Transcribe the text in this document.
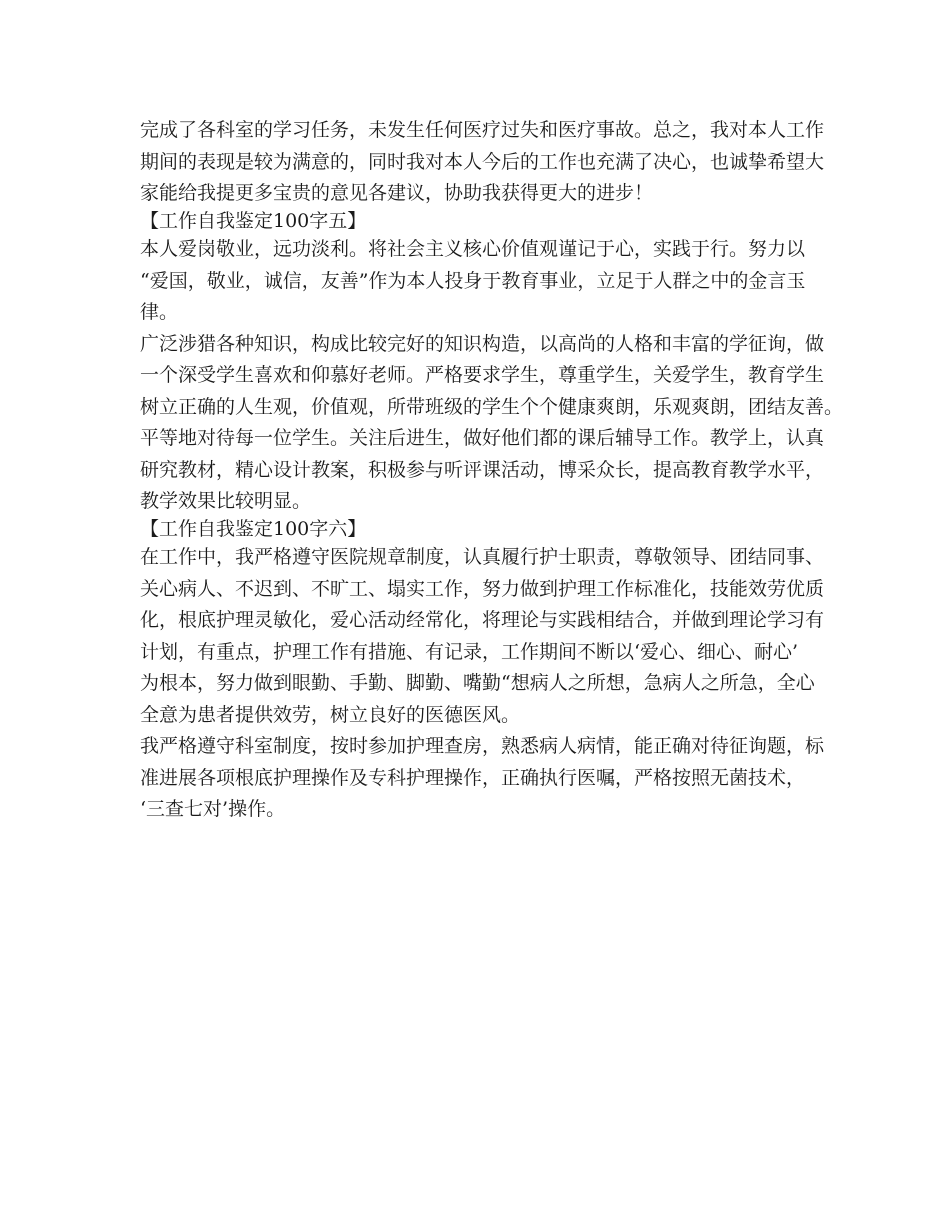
完成了各科室的学习任务，未发生任何医疗过失和医疗事故。总之，我对本人工作

期间的表现是较为满意的，同时我对本人今后的工作也充满了决心，也诚挚希望大

家能给我提更多宝贵的意见各建议，协助我获得更大的进步！

【工作自我鉴定100字五】

本人爱岗敬业，远功淡利。将社会主义核心价值观谨记于心，实践于行。努力以

“爱国，敬业，诚信，友善”作为本人投身于教育事业，立足于人群之中的金言玉

律。

广泛涉猎各种知识，构成比较完好的知识构造，以高尚的人格和丰富的学征询，做

一个深受学生喜欢和仰慕好老师。严格要求学生，尊重学生，关爱学生，教育学生

树立正确的人生观，价值观，所带班级的学生个个健康爽朗，乐观爽朗，团结友善。

平等地对待每一位学生。关注后进生，做好他们都的课后辅导工作。教学上，认真

研究教材，精心设计教案，积极参与听评课活动，博采众长，提高教育教学水平，

教学效果比较明显。

【工作自我鉴定100字六】

在工作中，我严格遵守医院规章制度，认真履行护士职责，尊敬领导、团结同事、

关心病人、不迟到、不旷工、塌实工作，努力做到护理工作标准化，技能效劳优质

化，根底护理灵敏化，爱心活动经常化，将理论与实践相结合，并做到理论学习有

计划，有重点，护理工作有措施、有记录，工作期间不断以‘爱心、细心、耐心’

为根本，努力做到眼勤、手勤、脚勤、嘴勤“想病人之所想，急病人之所急，全心

全意为患者提供效劳，树立良好的医德医风。

我严格遵守科室制度，按时参加护理查房，熟悉病人病情，能正确对待征询题，标

准进展各项根底护理操作及专科护理操作，正确执行医嘱，严格按照无菌技术，

‘三查七对’操作。
